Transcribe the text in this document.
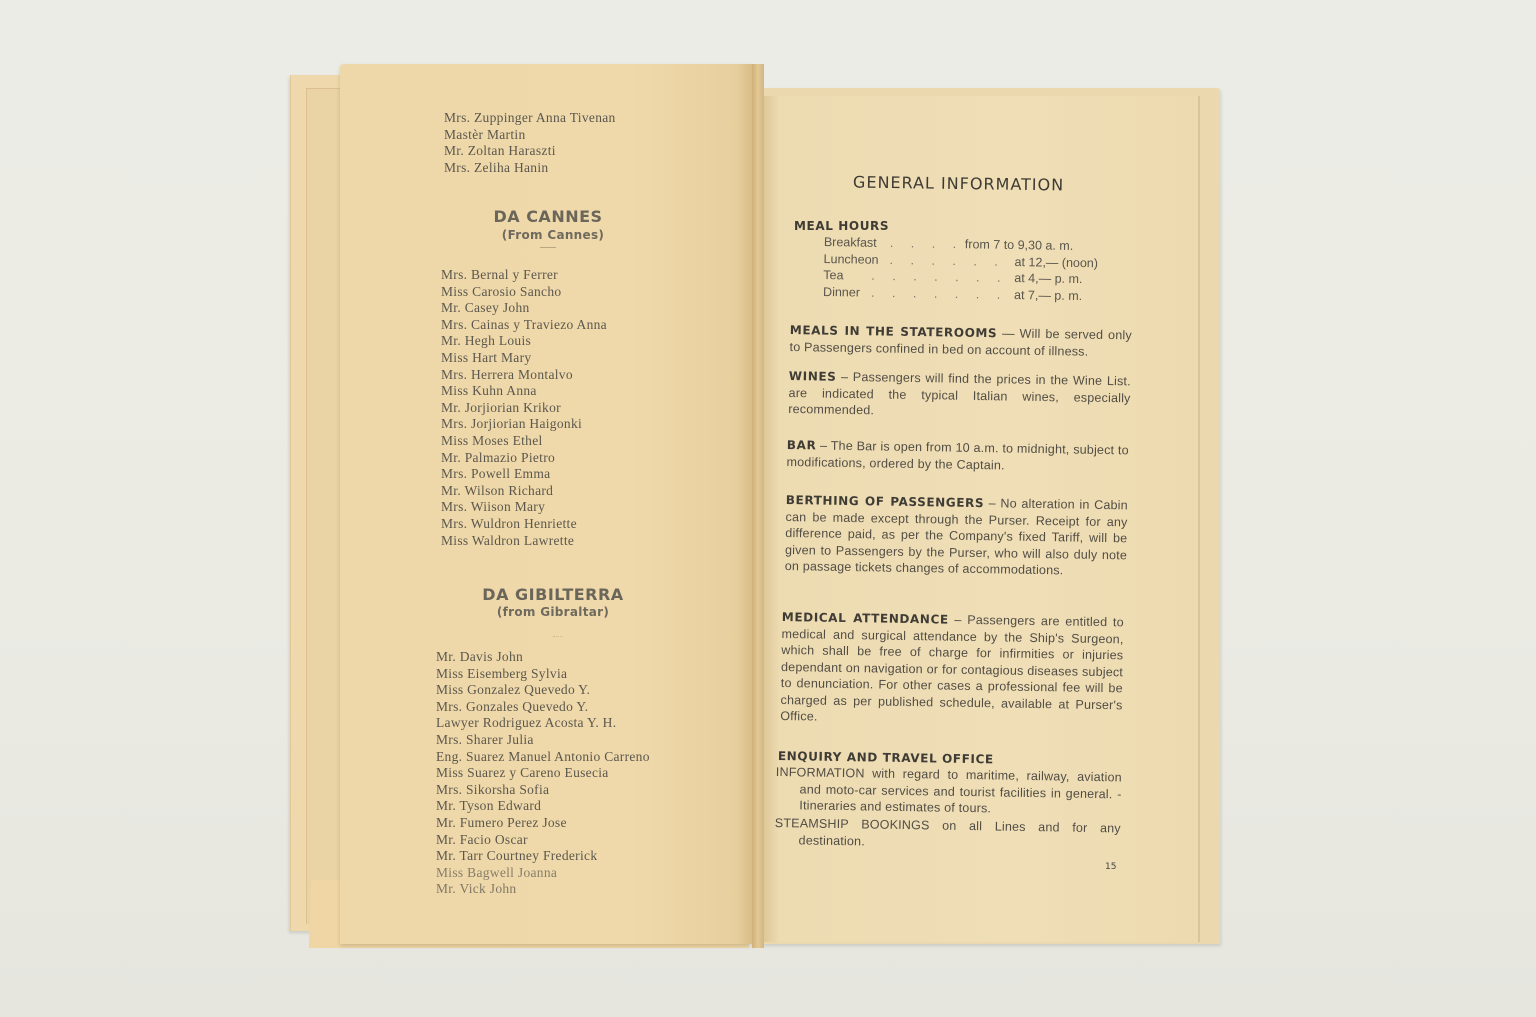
Mrs. Zuppinger Anna Tivenan
Mastèr Martin
Mr. Zoltan Haraszti
Mrs. Zeliha Hanin
DA CANNES
(From Cannes)
Mrs. Bernal y Ferrer
Miss Carosio Sancho
Mr. Casey John
Mrs. Cainas y Traviezo Anna
Mr. Hegh Louis
Miss Hart Mary
Mrs. Herrera Montalvo
Miss Kuhn Anna
Mr. Jorjiorian Krikor
Mrs. Jorjiorian Haigonki
Miss Moses Ethel
Mr. Palmazio Pietro
Mrs. Powell Emma
Mr. Wilson Richard
Mrs. Wiison Mary
Mrs. Wuldron Henriette
Miss Waldron Lawrette
DA GIBILTERRA
(from Gibraltar)
Mr. Davis John
Miss Eisemberg Sylvia
Miss Gonzalez Quevedo Y.
Mrs. Gonzales Quevedo Y.
Lawyer Rodriguez Acosta Y. H.
Mrs. Sharer Julia
Eng. Suarez Manuel Antonio Carreno
Miss Suarez y Careno Eusecia
Mrs. Sikorsha Sofia
Mr. Tyson Edward
Mr. Fumero Perez Jose
Mr. Facio Oscar
Mr. Tarr Courtney Frederick
Miss Bagwell Joanna
Mr. Vick John
GENERAL INFORMATION
MEAL HOURS
Breakfast . . . . from 7 to 9,30 a. m.
Luncheon . . . . . . at 12,— (noon)
Tea . . . . . . . at 4,— p. m.
Dinner . . . . . . . at 7,— p. m.
MEALS IN THE STATEROOMS — Will be served only to Passengers confined in bed on account of illness.
WINES – Passengers will find the prices in the Wine List. are indicated the typical Italian wines, especially recommended.
BAR – The Bar is open from 10 a.m. to midnight, subject to modifications, ordered by the Captain.
BERTHING OF PASSENGERS – No alteration in Cabin can be made except through the Purser. Receipt for any difference paid, as per the Company's fixed Tariff, will be given to Passengers by the Purser, who will also duly note on passage tickets changes of accommodations.
MEDICAL ATTENDANCE – Passengers are entitled to medical and surgical attendance by the Ship's Surgeon, which shall be free of charge for infirmities or injuries dependant on navigation or for contagious diseases subject to denunciation. For other cases a professional fee will be charged as per published schedule, available at Purser's Office.
ENQUIRY AND TRAVEL OFFICE
INFORMATION with regard to maritime, railway, aviation and moto-car services and tourist facilities in general. - Itineraries and estimates of tours.
STEAMSHIP BOOKINGS on all Lines and for any destination.
15
